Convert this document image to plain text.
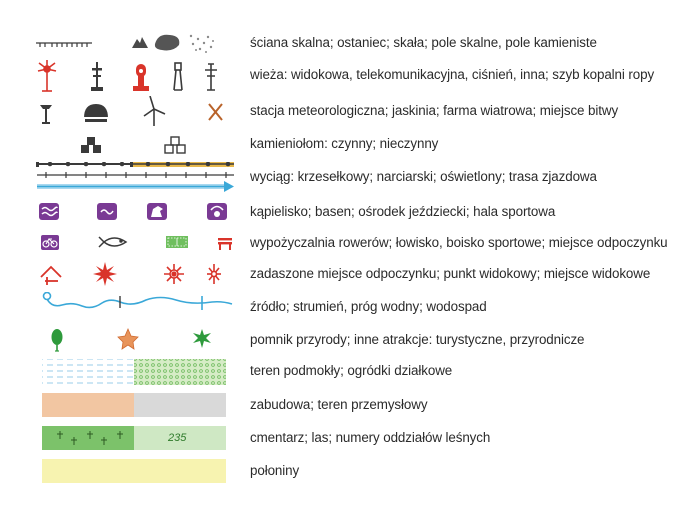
ściana skalna; ostaniec; skała; pole skalne, pole kamieniste
wieża: widokowa, telekomunikacyjna, ciśnień, inna; szyb kopalni ropy
stacja meteorologiczna; jaskinia; farma wiatrowa; miejsce bitwy
kamieniołom: czynny; nieczynny
wyciąg: krzesełkowy; narciarski; oświetlony; trasa zjazdowa
kąpielisko; basen; ośrodek jeździecki; hala sportowa
wypożyczalnia rowerów; łowisko, boisko sportowe; miejsce odpoczynku
zadaszone miejsce odpoczynku; punkt widokowy; miejsce widokowe
źródło; strumień, próg wodny; wodospad
pomnik przyrody; inne atrakcje: turystyczne, przyrodnicze
teren podmokły; ogródki działkowe
zabudowa; teren przemysłowy
235	cmentarz; las; numery oddziałów leśnych
połoniny
